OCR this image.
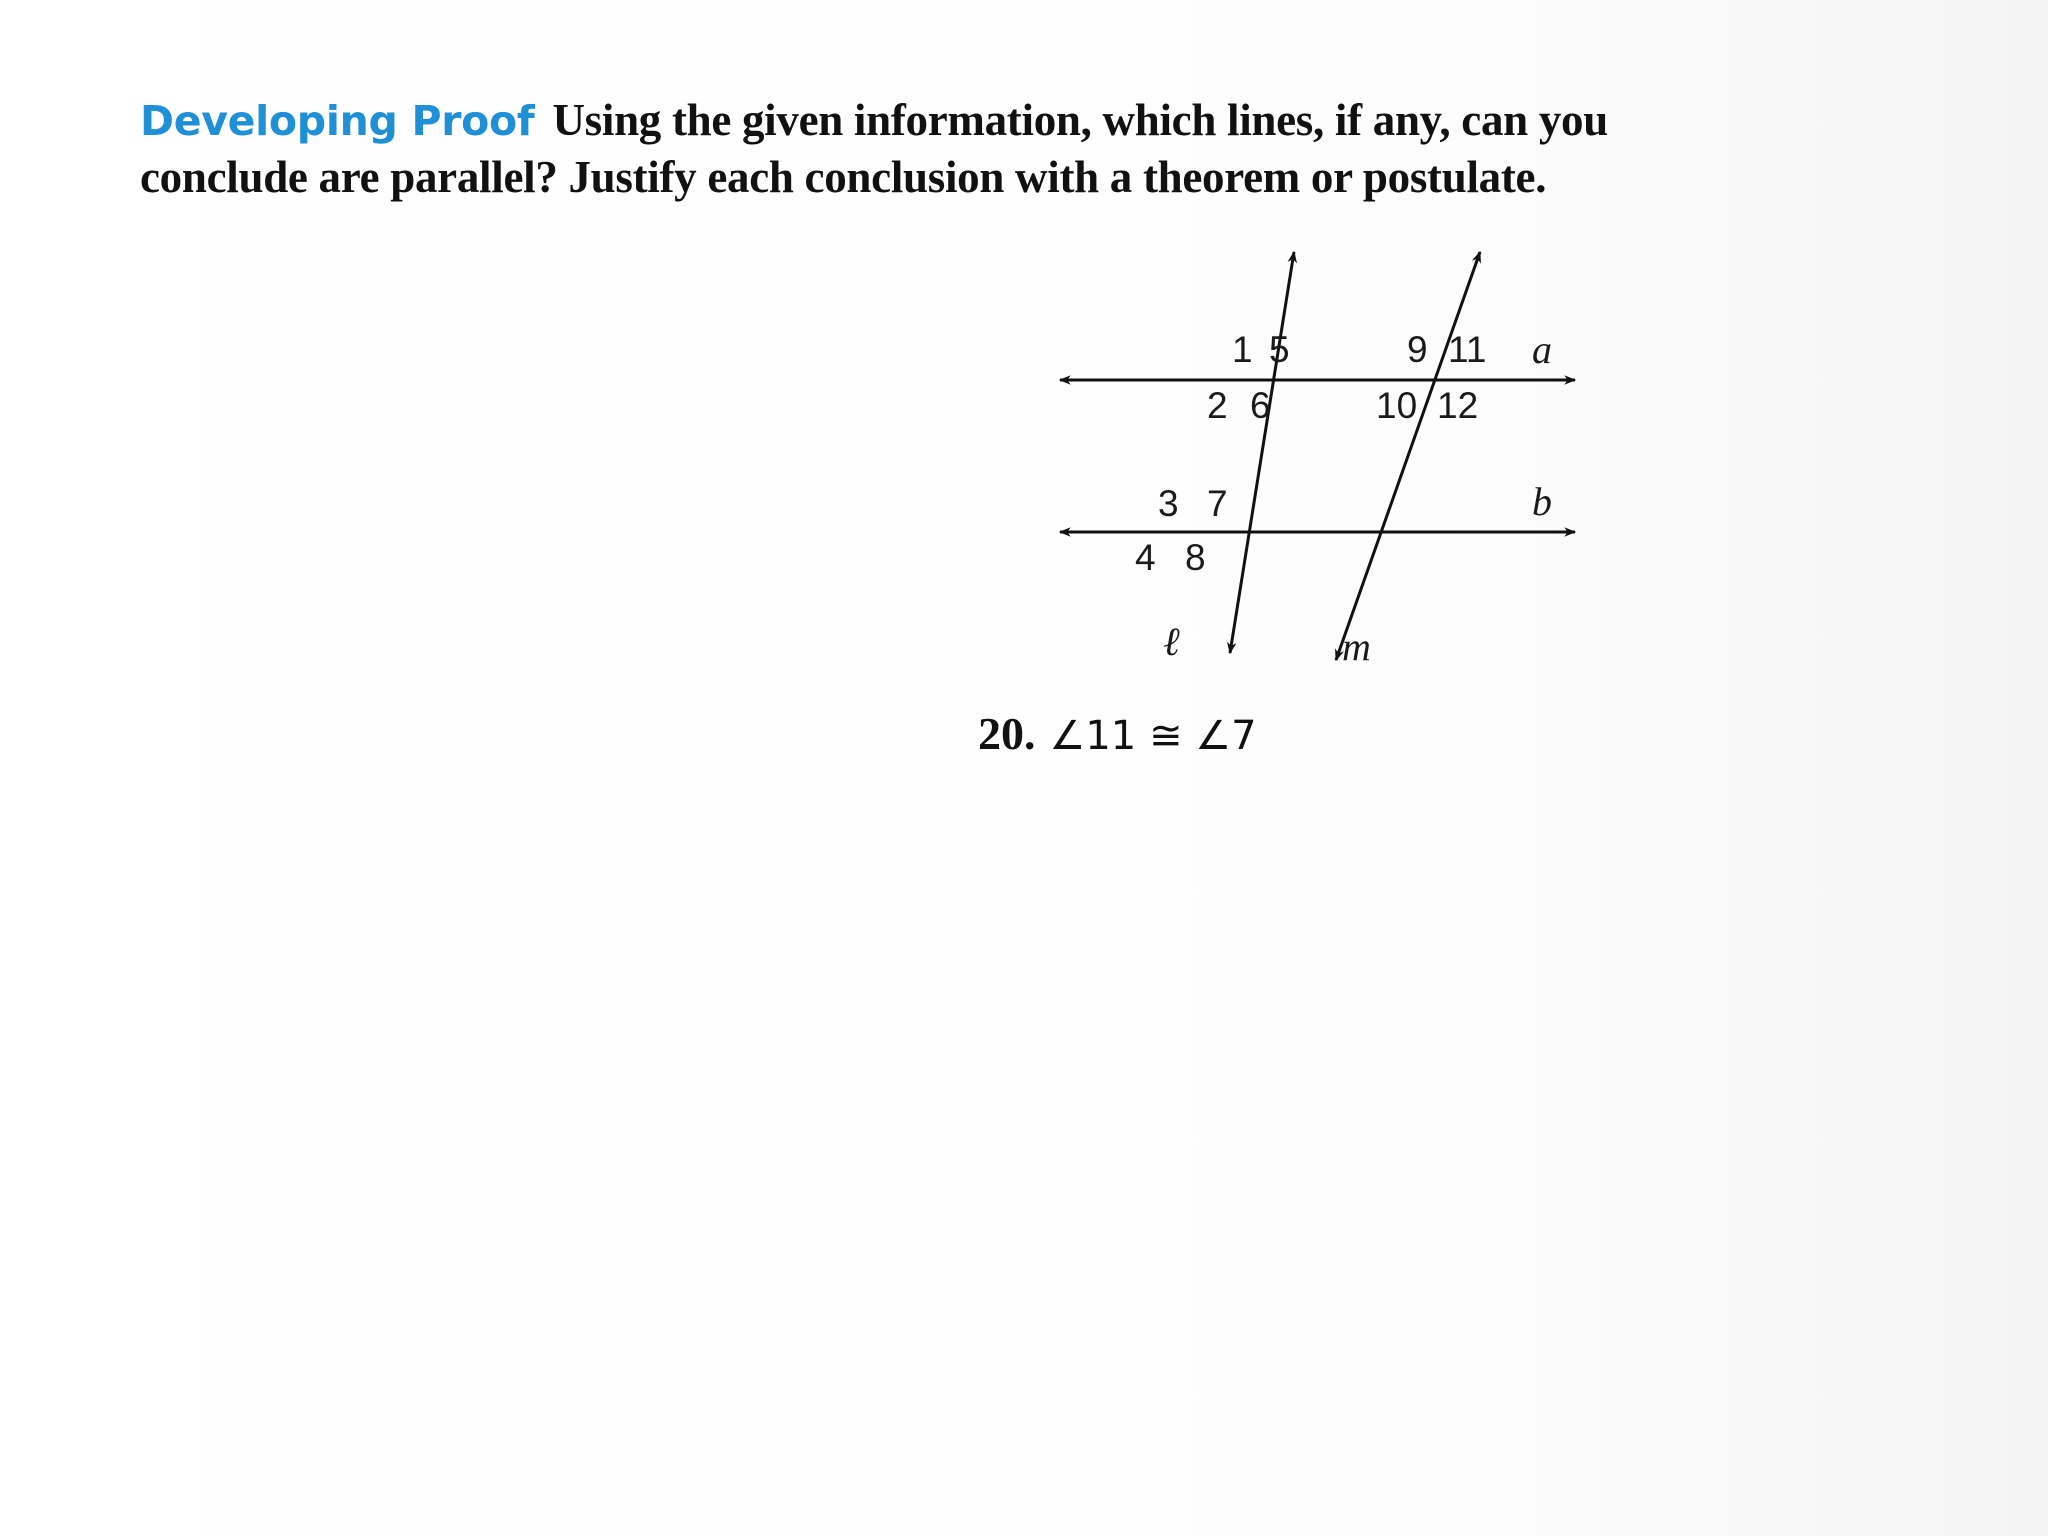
Developing Proof Using the given information, which lines, if any, can you conclude are parallel? Justify each conclusion with a theorem or postulate.
1 5
2 6
9 11
10 12
3 7
4 8
a
b
ℓ	m
20. ∠11 ≅ ∠7
